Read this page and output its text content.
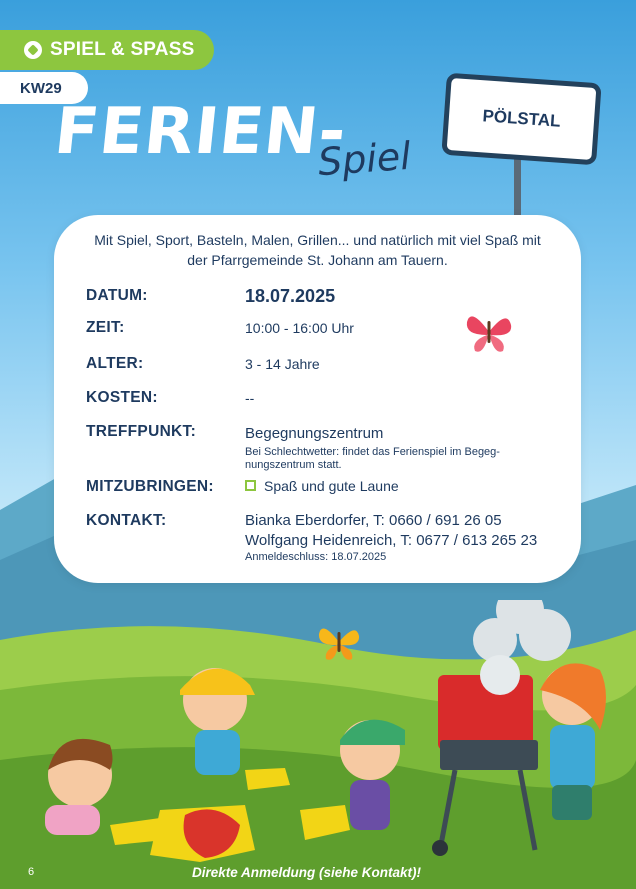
SPIEL & SPASS
KW29
FERIEN-
Spiel
PÖLSTAL
Mit Spiel, Sport, Basteln, Malen, Grillen... und natürlich mit viel Spaß mit der Pfarrgemeinde St. Johann am Tauern.
DATUM:	18.07.2025
ZEIT:	10:00 - 16:00 Uhr
ALTER:	3 - 14 Jahre
KOSTEN:	--
TREFFPUNKT:	Begegnungszentrum
Bei Schlechtwetter: findet das Ferienspiel im Begeg-nungszentrum statt.
MITZUBRINGEN:	Spaß und gute Laune
KONTAKT:	Bianka Eberdorfer, T: 0660 / 691 26 05
Wolfgang Heidenreich, T: 0677 / 613 265 23
Anmeldeschluss: 18.07.2025
6	Direkte Anmeldung (siehe Kontakt)!
